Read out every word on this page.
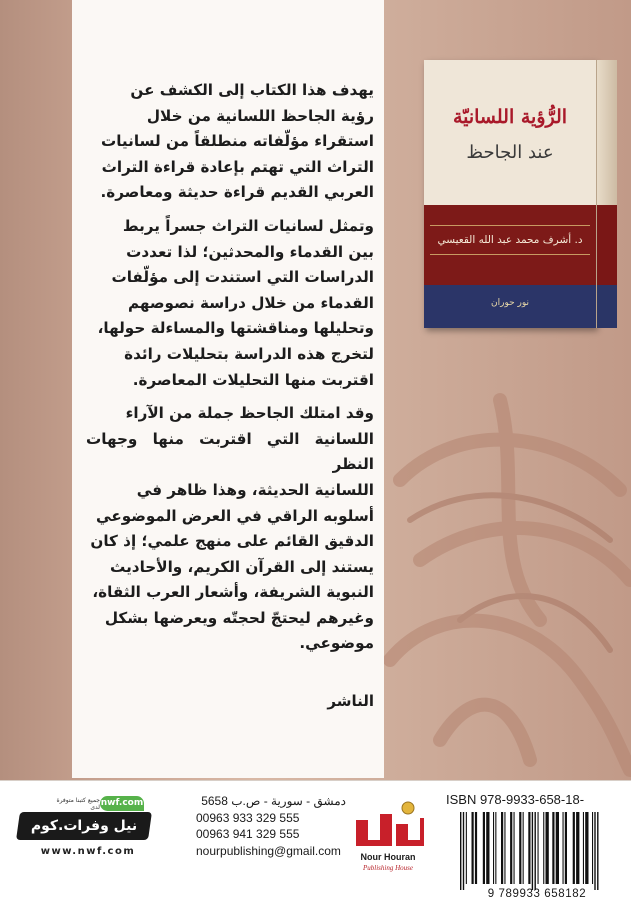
الرُّؤية اللسانيّة
عند الجاحظ
د. أشرف محمد عبد الله القعيسي
نور حوران

يهدف هذا الكتاب إلى الكشف عن

رؤية الجاحظ اللسانية من خلال

استقراء مؤلّفاته منطلقاً من لسانيات

التراث التي تهتم بإعادة قراءة التراث

العربي القديم قراءة حديثة ومعاصرة.

وتمثل لسانيات التراث جسراً يربط

بين القدماء والمحدثين؛ لذا تعددت

الدراسات التي استندت إلى مؤلّفات

القدماء من خلال دراسة نصوصهم

وتحليلها ومناقشتها والمساءلة حولها،

لتخرج هذه الدراسة بتحليلات رائدة

اقتربت منها التحليلات المعاصرة.

وقد امتلك الجاحظ جملة من الآراء

اللسانية التي اقتربت منها وجهات النظر

اللسانية الحديثة، وهذا ظاهر في

أسلوبه الراقي في العرض الموضوعي

الدقيق القائم على منهج علمي؛ إذ كان

يستند إلى القرآن الكريم، والأحاديث

النبوية الشريفة، وأشعار العرب الثقاة،

وغيرهم ليحتجّ لحجتّه ويعرضها بشكل

موضوعي.

الناشر
nwf.com
جميع كتبنا متوفرة لدى
نيل وفرات.كوم
www.nwf.com
دمشق - سورية - ص.ب 5658
00963 933 329 555
00963 941 329 555
nourpublishing@gmail.com	Nour Houran
Publishing House
ISBN 978-9933-658-18-
9 789933 658182
